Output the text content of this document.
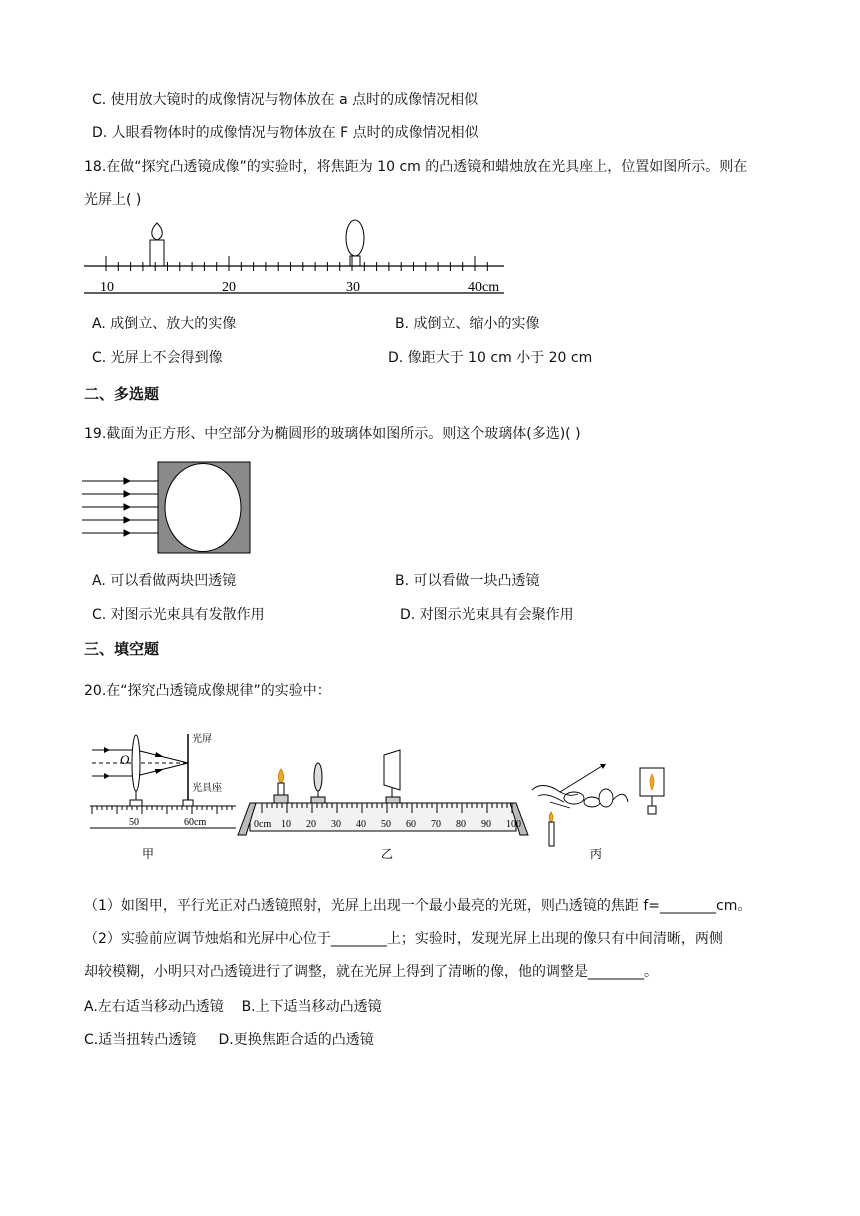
C. 使用放大镜时的成像情况与物体放在 a 点时的成像情况相似
D. 人眼看物体时的成像情况与物体放在 F 点时的成像情况相似
18.在做“探究凸透镜成像”的实验时，将焦距为 10 cm 的凸透镜和蜡烛放在光具座上，位置如图所示。则在
光屏上( )
10	20	30	40cm
A. 成倒立、放大的实像	B. 成倒立、缩小的实像
C. 光屏上不会得到像	D. 像距大于 10 cm 小于 20 cm
二、多选题
19.截面为正方形、中空部分为椭圆形的玻璃体如图所示。则这个玻璃体(多选)( )
A. 可以看做两块凹透镜	B. 可以看做一块凸透镜
C. 对图示光束具有发散作用	D. 对图示光束具有会聚作用
三、填空题
20.在“探究凸透镜成像规律”的实验中：
O
光屏
光具座
50	60cm
甲
0cm 10 20 30 40 50 60 70 80 90 100
乙	丙
（1）如图甲，平行光正对凸透镜照射，光屏上出现一个最小最亮的光斑，则凸透镜的焦距 f=________cm。
（2）实验前应调节烛焰和光屏中心位于________上；实验时，发现光屏上出现的像只有中间清晰，两侧
却较模糊，小明只对凸透镜进行了调整，就在光屏上得到了清晰的像，他的调整是________。
A.左右适当移动凸透镜    B.上下适当移动凸透镜
C.适当扭转凸透镜     D.更换焦距合适的凸透镜
